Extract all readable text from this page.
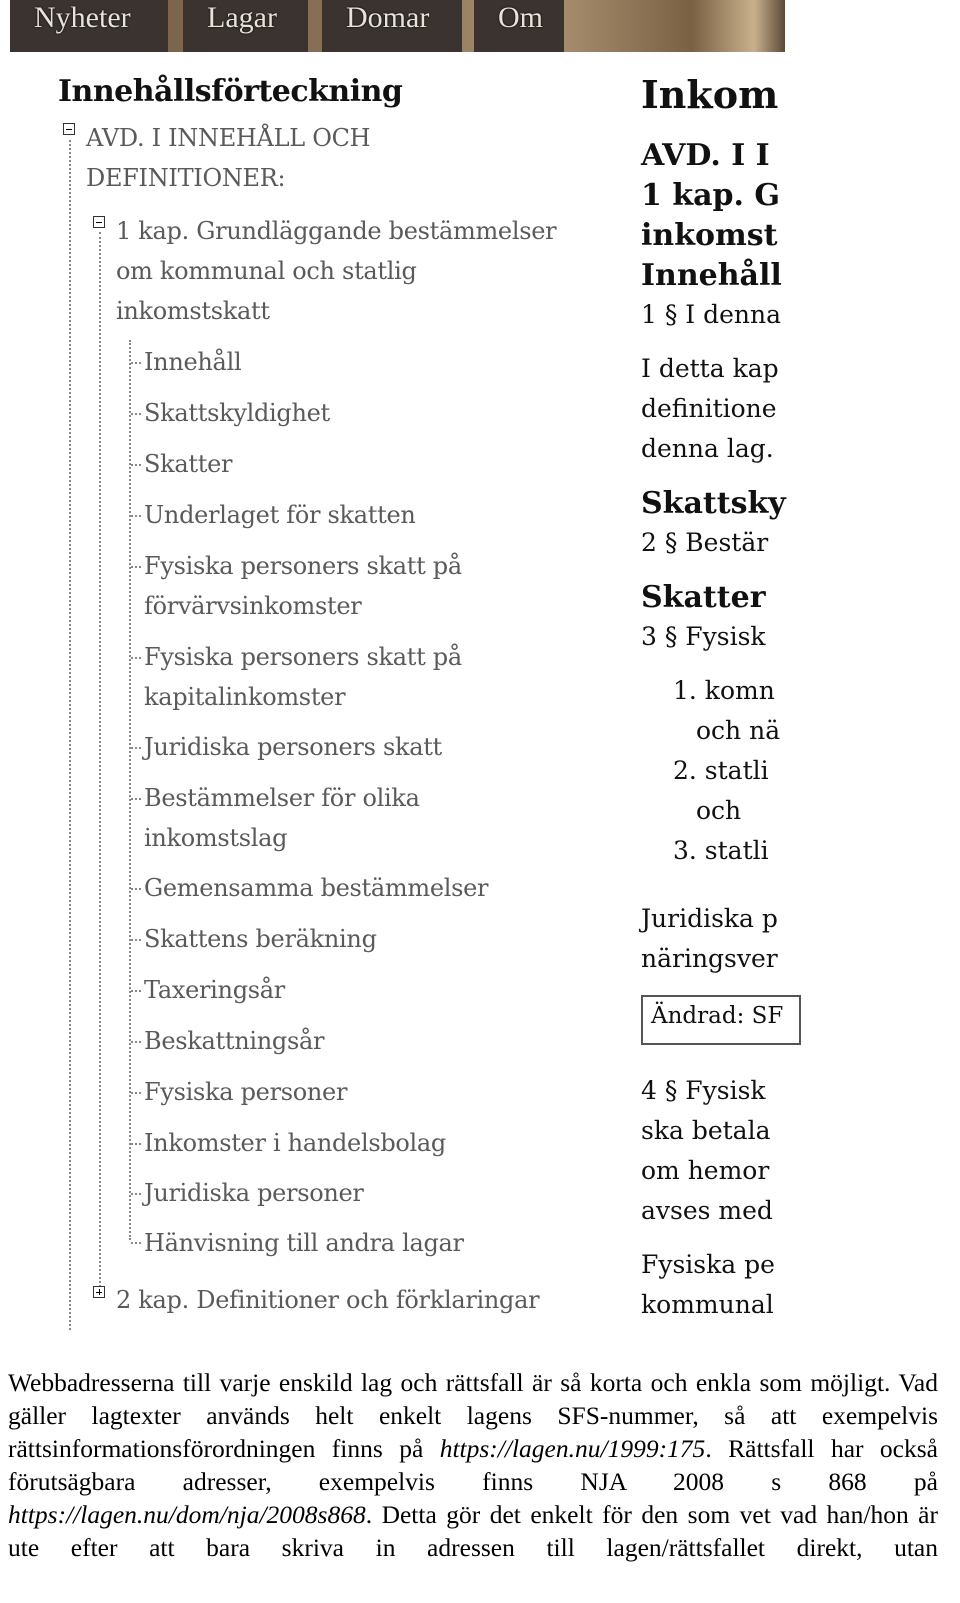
Nyheter	Lagar	Domar	Om
Innehållsförteckning
AVD. I INNEHÅLL OCH
DEFINITIONER:
1 kap. Grundläggande bestämmelser
om kommunal och statlig
inkomstskatt
Innehåll
Skattskyldighet
Skatter
Underlaget för skatten
Fysiska personers skatt på
förvärvsinkomster
Fysiska personers skatt på
kapitalinkomster
Juridiska personers skatt
Bestämmelser för olika
inkomstslag
Gemensamma bestämmelser
Skattens beräkning
Taxeringsår
Beskattningsår
Fysiska personer
Inkomster i handelsbolag
Juridiska personer
Hänvisning till andra lagar
2 kap. Definitioner och förklaringar
Inkom
AVD. I I
1 kap. G
inkomst
Innehåll
1 § I denna
I detta kap
definitione
denna lag.
Skattsky
2 § Bestär
Skatter
3 § Fysisk
1. komn
och nä
2. statli
och
3. statli
Juridiska p
näringsver
Ändrad: SF
4 § Fysisk
ska betala
om hemor
avses med
Fysiska pe
kommunal

Webbadresserna till varje enskild lag och rättsfall är så korta och enkla som möjligt. Vad gäller lagtexter används helt enkelt lagens SFS-nummer, så att exempelvis rättsinformationsförordningen finns på https://lagen.nu/1999:175. Rättsfall har också förutsägbara adresser, exempelvis finns NJA 2008 s 868 på https://lagen.nu/dom/nja/2008s868. Detta gör det enkelt för den som vet vad han/hon är ute efter att bara skriva in adressen till lagen/rättsfallet direkt, utan
